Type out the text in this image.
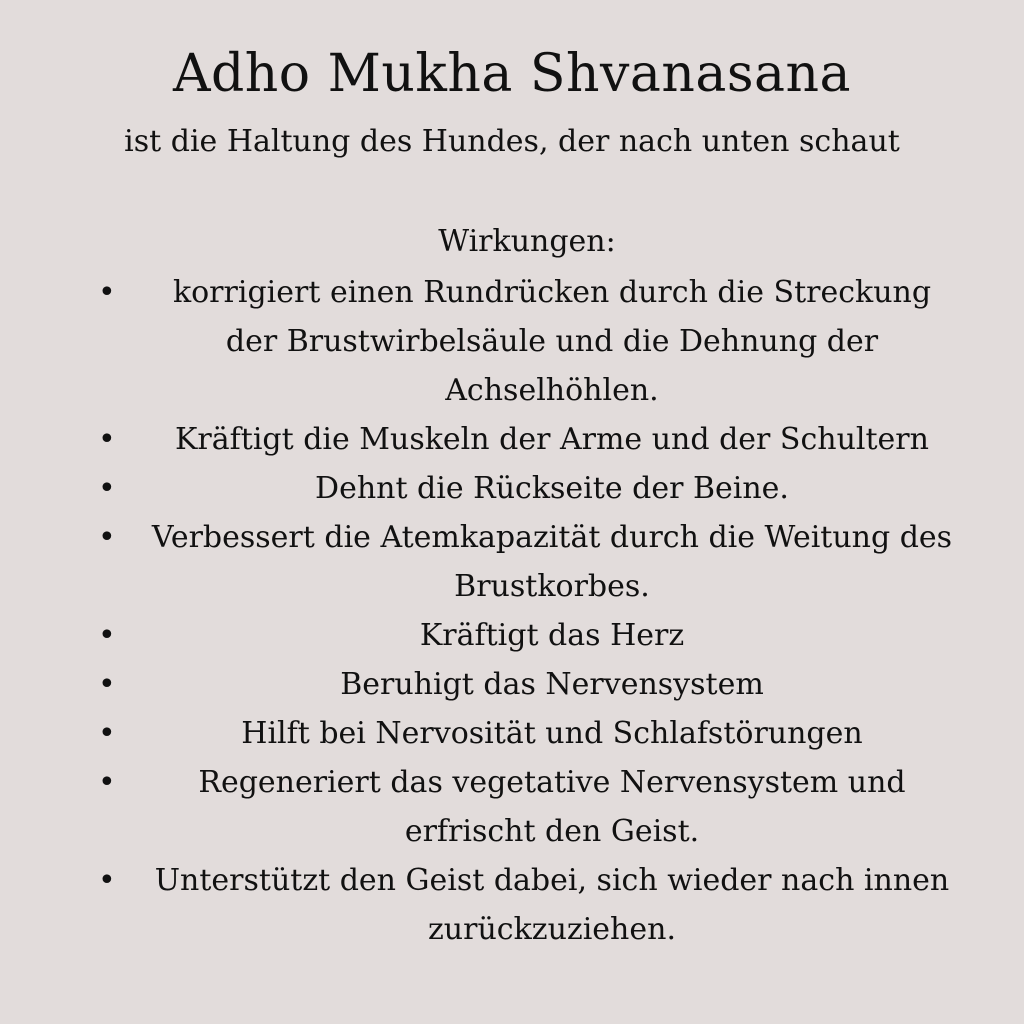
Adho Mukha Shvanasana

ist die Haltung des Hundes, der nach unten schaut

Wirkungen:

•	korrigiert einen Rundrücken durch die Streckung der Brustwirbelsäule und die Dehnung der Achselhöhlen.
•	Kräftigt die Muskeln der Arme und der Schultern
•	Dehnt die Rückseite der Beine.
• Verbessert die Atemkapazität durch die Weitung des Brustkorbes.
•	Kräftigt das Herz
•	Beruhigt das Nervensystem
•	Hilft bei Nervosität und Schlafstörungen
•	Regeneriert das vegetative Nervensystem und erfrischt den Geist.
• Unterstützt den Geist dabei, sich wieder nach innen zurückzuziehen.
